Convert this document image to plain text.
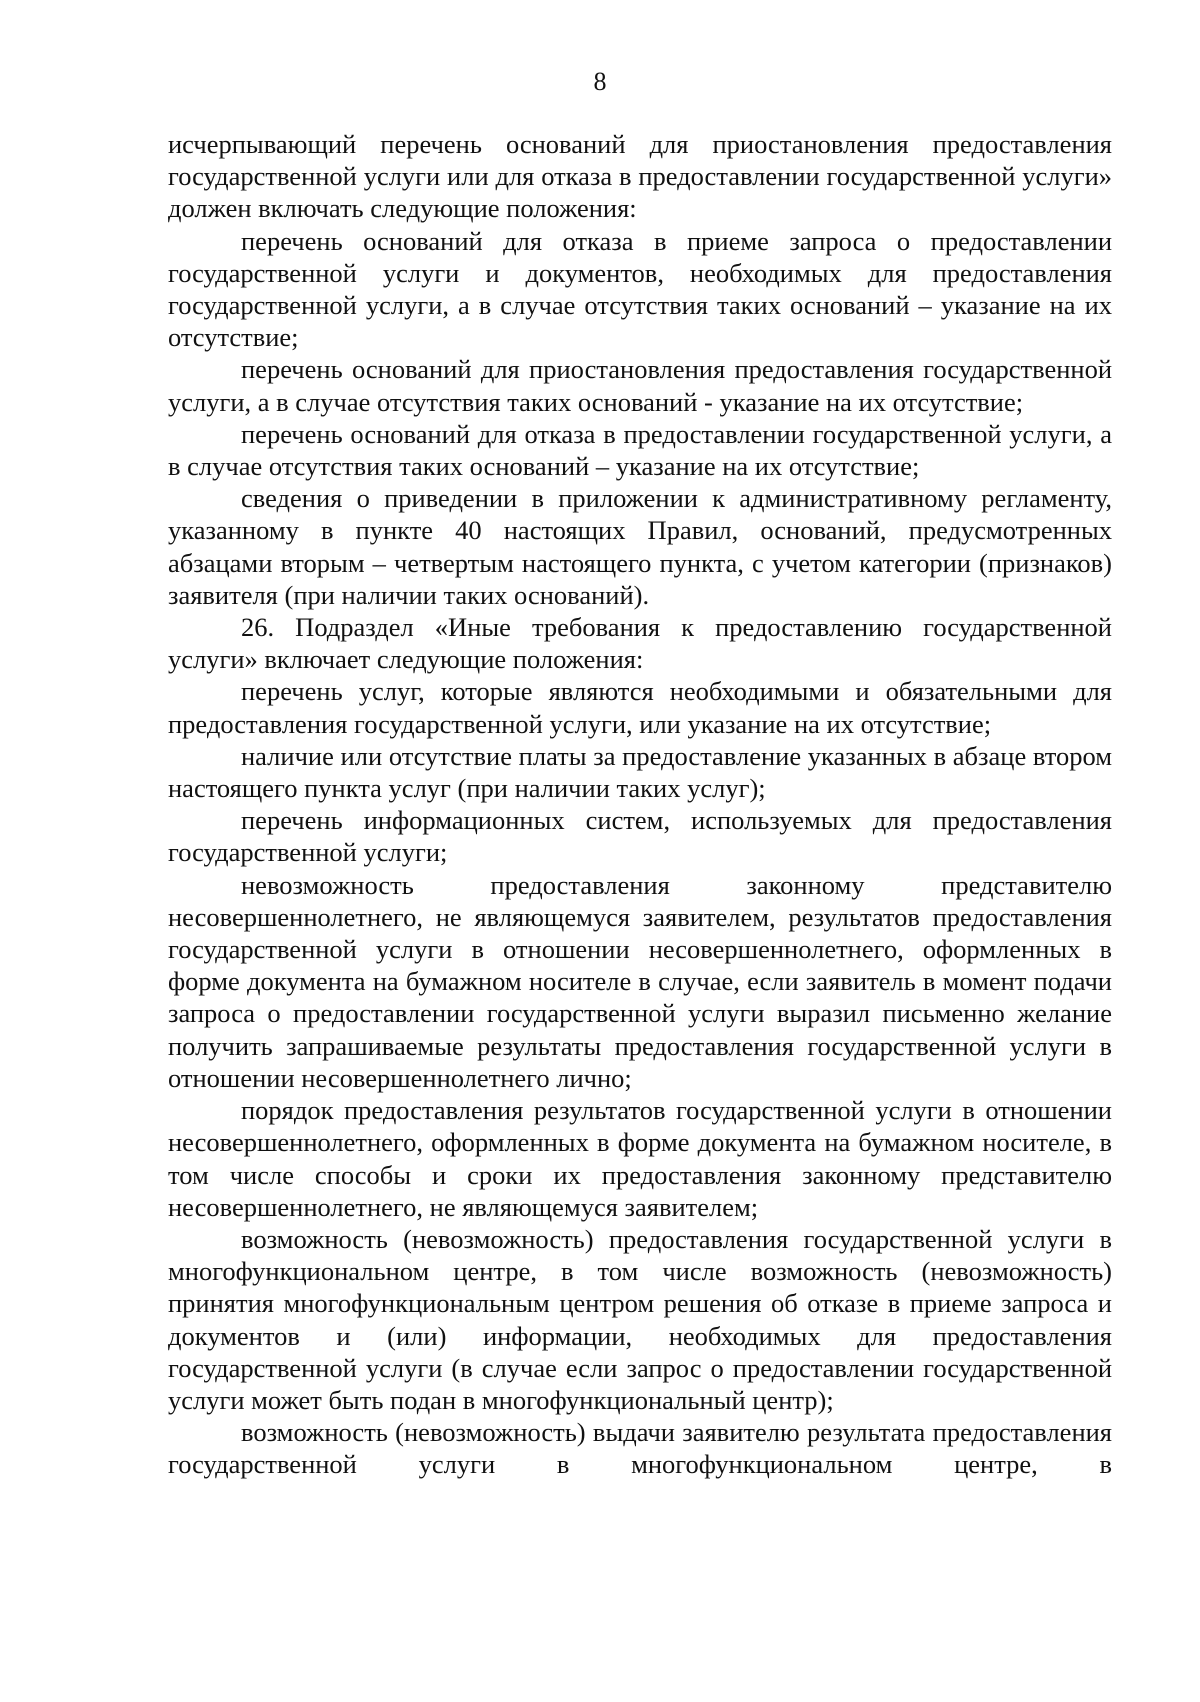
8

исчерпывающий перечень оснований для приостановления предоставления государственной услуги или для отказа в предоставлении государственной услуги» должен включать следующие положения:

перечень оснований для отказа в приеме запроса о предоставлении государственной услуги и документов, необходимых для предоставления государственной услуги, а в случае отсутствия таких оснований – указание на их отсутствие;

перечень оснований для приостановления предоставления государственной услуги, а в случае отсутствия таких оснований - указание на их отсутствие;

перечень оснований для отказа в предоставлении государственной услуги, а в случае отсутствия таких оснований – указание на их отсутствие;

сведения о приведении в приложении к административному регламенту, указанному в пункте 40 настоящих Правил, оснований, предусмотренных абзацами вторым – четвертым настоящего пункта, с учетом категории (признаков) заявителя (при наличии таких оснований).

26. Подраздел «Иные требования к предоставлению государственной услуги» включает следующие положения:

перечень услуг, которые являются необходимыми и обязательными для предоставления государственной услуги, или указание на их отсутствие;

наличие или отсутствие платы за предоставление указанных в абзаце втором настоящего пункта услуг (при наличии таких услуг);

перечень информационных систем, используемых для предоставления государственной услуги;

невозможность предоставления законному представителю несовершеннолетнего, не являющемуся заявителем, результатов предоставления государственной услуги в отношении несовершеннолетнего, оформленных в форме документа на бумажном носителе в случае, если заявитель в момент подачи запроса о предоставлении государственной услуги выразил письменно желание получить запрашиваемые результаты предоставления государственной услуги в отношении несовершеннолетнего лично;

порядок предоставления результатов государственной услуги в отношении несовершеннолетнего, оформленных в форме документа на бумажном носителе, в том числе способы и сроки их предоставления законному представителю несовершеннолетнего, не являющемуся заявителем;

возможность (невозможность) предоставления государственной услуги в многофункциональном центре, в том числе возможность (невозможность) принятия многофункциональным центром решения об отказе в приеме запроса и документов и (или) информации, необходимых для предоставления государственной услуги (в случае если запрос о предоставлении государственной услуги может быть подан в многофункциональный центр);

возможность (невозможность) выдачи заявителю результата предоставления государственной услуги в многофункциональном центре, в
